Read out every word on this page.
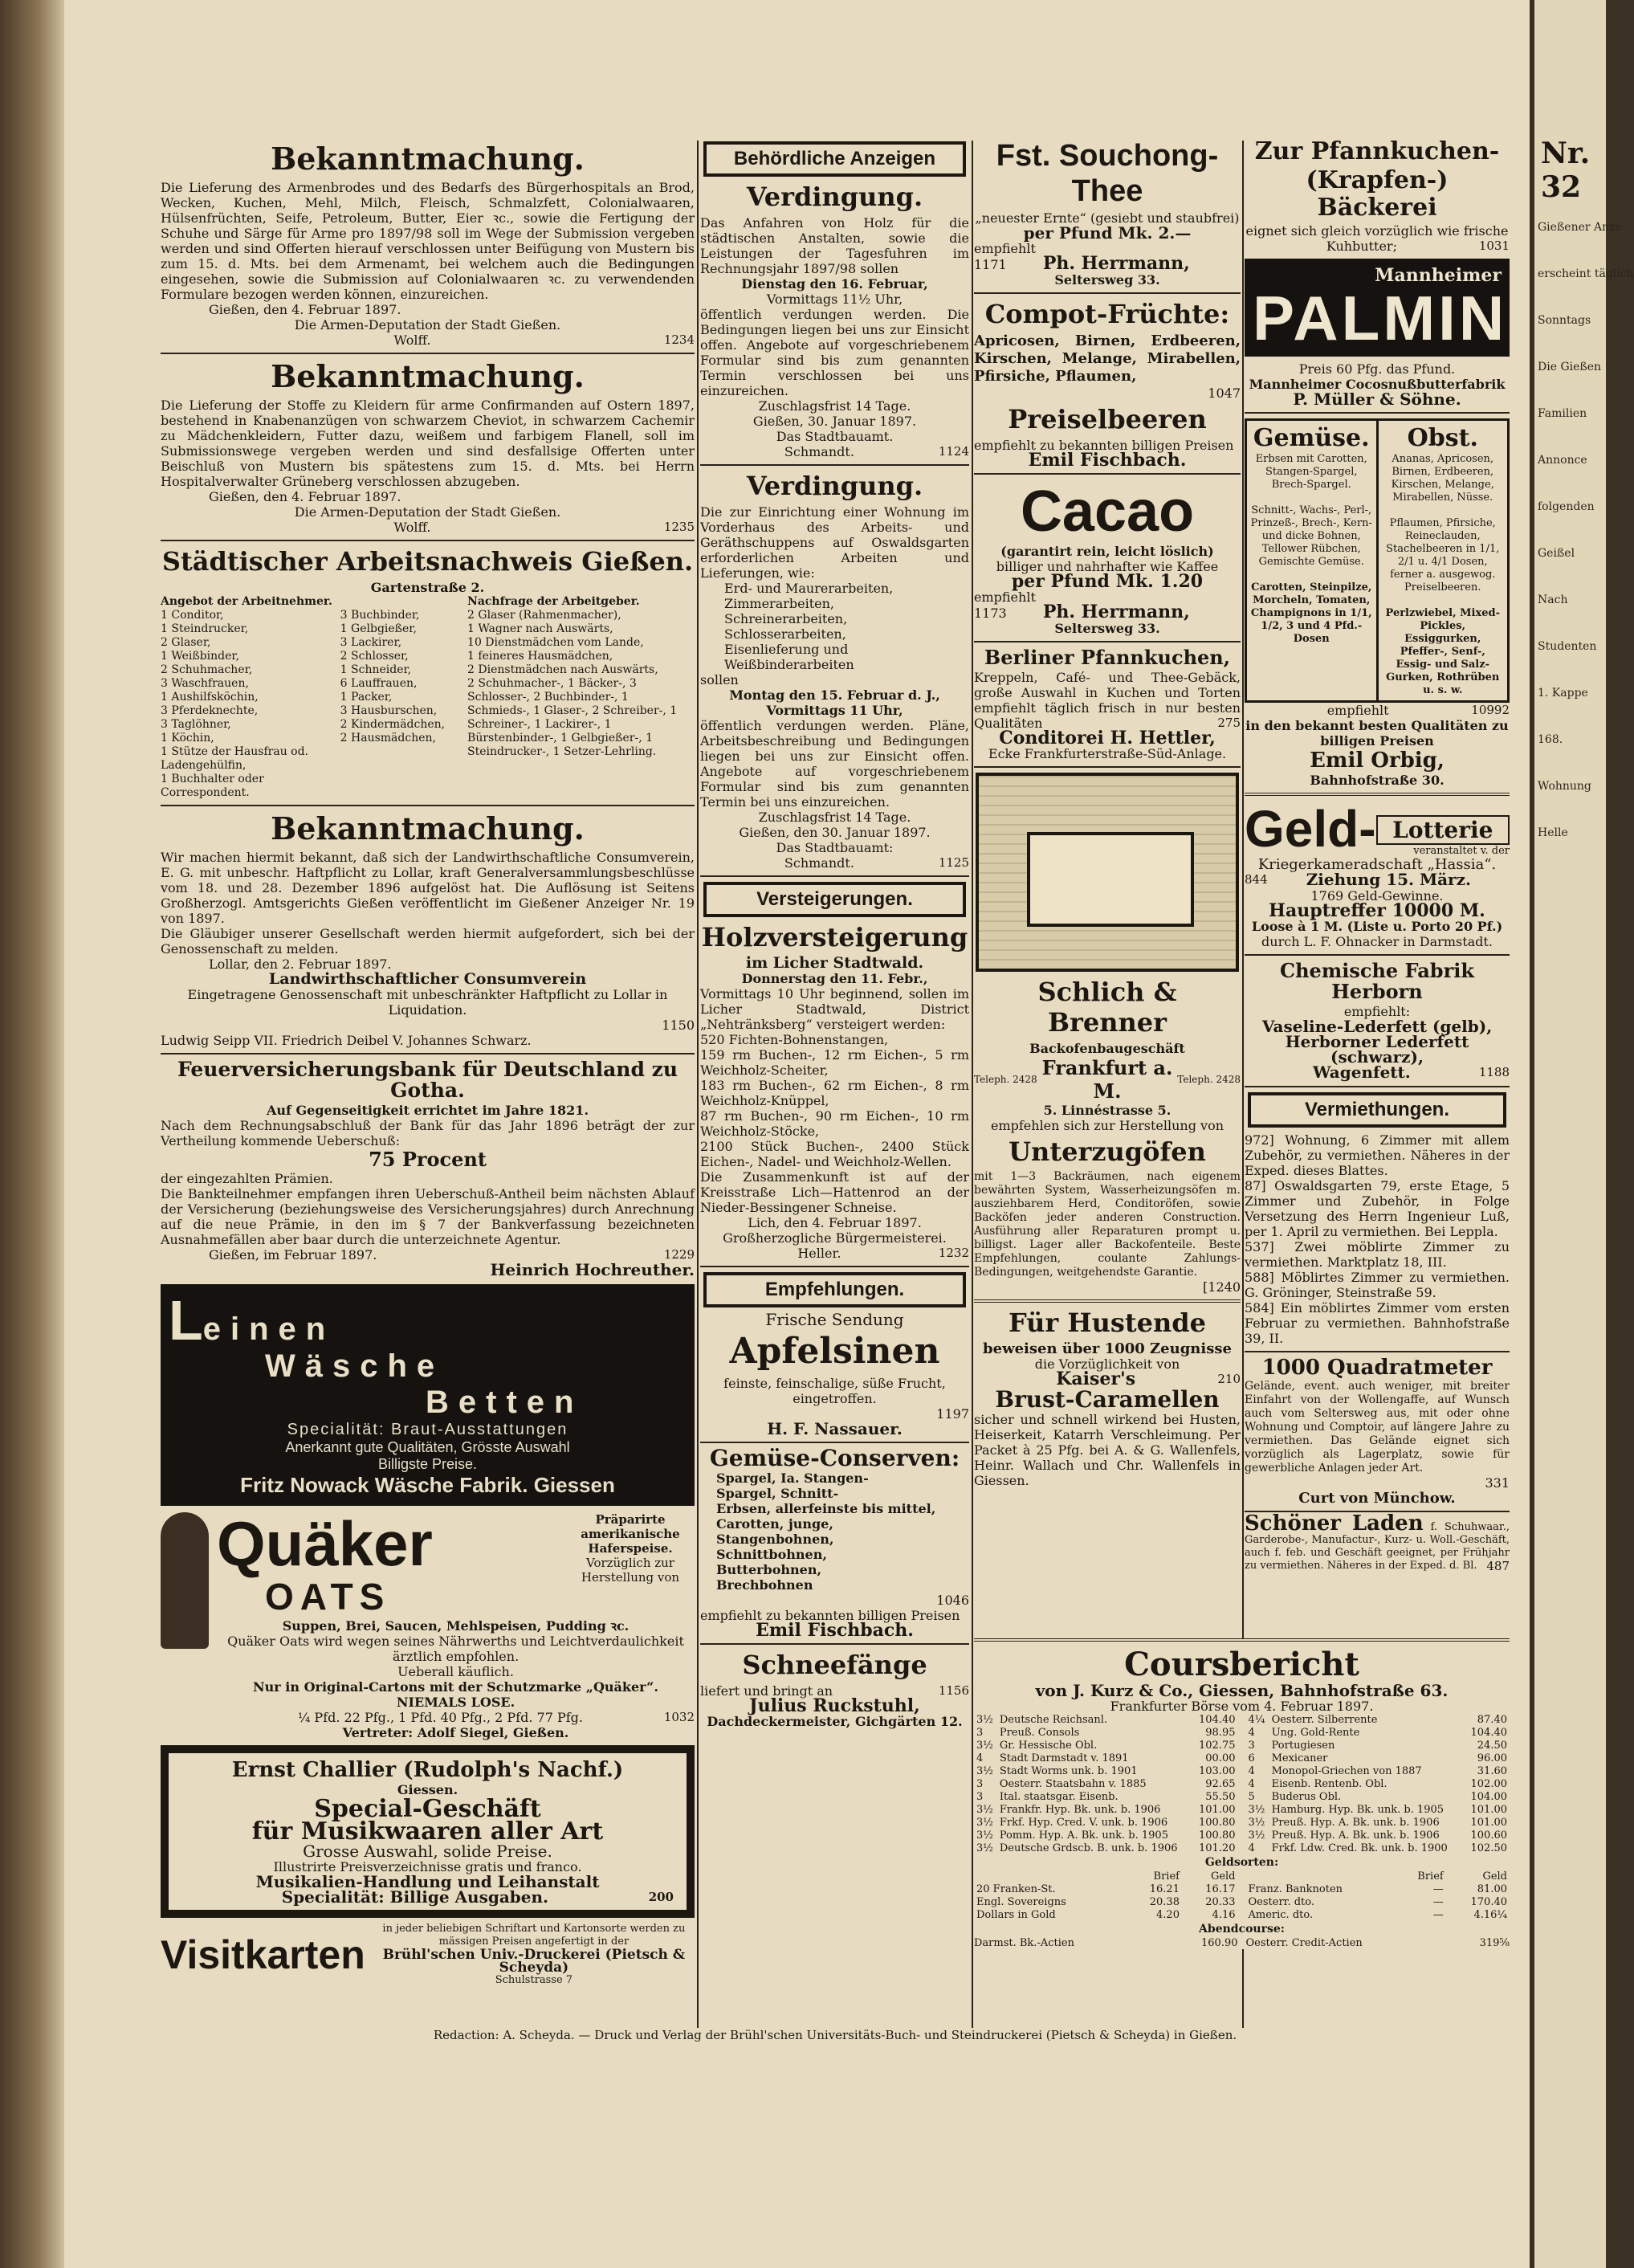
Nr. 32
Gießener Anze
erscheint täglich
Sonntags
Die Gießen
Familien
Annonce
folgenden
Geißel
Nach
Studenten
1. Kappe
168.
Wohnung
Helle
Bekanntmachung.

Die Lieferung des Armenbrodes und des Bedarfs des Bürgerhospitals an Brod, Wecken, Kuchen, Mehl, Milch, Fleisch, Schmalzfett, Colonialwaaren, Hülsenfrüchten, Seife, Petroleum, Butter, Eier ꝛc., sowie die Fertigung der Schuhe und Särge für Arme pro 1897/98 soll im Wege der Submission vergeben werden und sind Offerten hierauf verschlossen unter Beifügung von Mustern bis zum 15. d. Mts. bei dem Armenamt, bei welchem auch die Bedingungen eingesehen, sowie die Submission auf Colonialwaaren ꝛc. zu verwendenden Formulare bezogen werden können, einzureichen.

Gießen, den 4. Februar 1897.

Die Armen-Deputation der Stadt Gießen.

Wolff.	1234

Bekanntmachung.

Die Lieferung der Stoffe zu Kleidern für arme Confirmanden auf Ostern 1897, bestehend in Knabenanzügen von schwarzem Cheviot, in schwarzem Cachemir zu Mädchenkleidern, Futter dazu, weißem und farbigem Flanell, soll im Submissionswege vergeben werden und sind desfallsige Offerten unter Beischluß von Mustern bis spätestens zum 15. d. Mts. bei Herrn Hospitalverwalter Grüneberg verschlossen abzugeben.

Gießen, den 4. Februar 1897.

Die Armen-Deputation der Stadt Gießen.

Wolff.	1235

Städtischer Arbeitsnachweis Gießen.

Gartenstraße 2.

Angebot der Arbeitnehmer.
1 Conditor,
1 Steindrucker,
2 Glaser,
1 Weißbinder,
2 Schuhmacher,
3 Waschfrauen,
1 Aushilfsköchin,
3 Pferdeknechte,
3 Taglöhner,
1 Köchin,
1 Stütze der Hausfrau od. Ladengehülfin,
1 Buchhalter oder Correspondent.

3 Buchbinder,
1 Gelbgießer,
3 Lackirer,
2 Schlosser,
1 Schneider,
6 Lauffrauen,
1 Packer,
3 Hausburschen,
2 Kindermädchen,
2 Hausmädchen,
Nachfrage der Arbeitgeber.
2 Glaser (Rahmenmacher),
1 Wagner nach Auswärts,
10 Dienstmädchen vom Lande,
1 feineres Hausmädchen,
2 Dienstmädchen nach Auswärts,
2 Schuhmacher-, 1 Bäcker-, 3 Schlosser-, 2 Buchbinder-, 1 Schmieds-, 1 Glaser-, 2 Schreiber-, 1 Schreiner-, 1 Lackirer-, 1 Bürstenbinder-, 1 Gelbgießer-, 1 Steindrucker-, 1 Setzer-Lehrling.
Bekanntmachung.

Wir machen hiermit bekannt, daß sich der Landwirthschaftliche Consumverein, E. G. mit unbeschr. Haftpflicht zu Lollar, kraft Generalversammlungsbeschlüsse vom 18. und 28. Dezember 1896 aufgelöst hat. Die Auflösung ist Seitens Großherzogl. Amtsgerichts Gießen veröffentlicht im Gießener Anzeiger Nr. 19 von 1897.

Die Gläubiger unserer Gesellschaft werden hiermit aufgefordert, sich bei der Genossenschaft zu melden.

Lollar, den 2. Februar 1897.

Landwirthschaftlicher Consumverein

Eingetragene Genossenschaft mit unbeschränkter Haftpflicht zu Lollar in Liquidation.

1150

Ludwig Seipp VII. Friedrich Deibel V. Johannes Schwarz.

Feuerversicherungsbank für Deutschland zu Gotha.

Auf Gegenseitigkeit errichtet im Jahre 1821.

Nach dem Rechnungsabschluß der Bank für das Jahr 1896 beträgt der zur Vertheilung kommende Ueberschuß:

75 Procent

der eingezahlten Prämien.

Die Bankteilnehmer empfangen ihren Ueberschuß-Antheil beim nächsten Ablauf der Versicherung (beziehungsweise des Versicherungsjahres) durch Anrechnung auf die neue Prämie, in den im § 7 der Bankverfassung bezeichneten Ausnahmefällen aber baar durch die unterzeichnete Agentur.

Gießen, im Februar 1897.	1229

Heinrich Hochreuther.

Leinen
Wäsche
Betten
Specialität: Braut-Ausstattungen
Anerkannt gute Qualitäten, Grösste Auswahl
Billigste Preise.
Fritz Nowack Wäsche Fabrik. Giessen
Quäker
OATS
Präparirte amerikanische Haferspeise.
Vorzüglich zur Herstellung von

Suppen, Brei, Saucen, Mehlspeisen, Pudding ꝛc.

Quäker Oats wird wegen seines Nährwerths und Leichtverdaulichkeit ärztlich empfohlen.

Ueberall käuflich.

Nur in Original-Cartons mit der Schutzmarke „Quäker“.

NIEMALS LOSE.

¼ Pfd. 22 Pfg., 1 Pfd. 40 Pfg., 2 Pfd. 77 Pfg.	1032

Vertreter: Adolf Siegel, Gießen.

Ernst Challier (Rudolph's Nachf.)
Giessen.
Special-Geschäft
für Musikwaaren aller Art
Grosse Auswahl, solide Preise.
Illustrirte Preisverzeichnisse gratis und franco.
Musikalien-Handlung und Leihanstalt
Specialität: Billige Ausgaben.	200
Visitkarten
in jeder beliebigen Schriftart und Kartonsorte werden zu mässigen Preisen angefertigt in der
Brühl'schen Univ.-Druckerei (Pietsch & Scheyda)
Schulstrasse 7
Behördliche Anzeigen
Verdingung.

Das Anfahren von Holz für die städtischen Anstalten, sowie die Leistungen der Tagesfuhren im Rechnungsjahr 1897/98 sollen

Dienstag den 16. Februar,

Vormittags 11½ Uhr,

öffentlich verdungen werden. Die Bedingungen liegen bei uns zur Einsicht offen. Angebote auf vorgeschriebenem Formular sind bis zum genannten Termin verschlossen bei uns einzureichen.

Zuschlagsfrist 14 Tage.

Gießen, 30. Januar 1897.

Das Stadtbauamt.

Schmandt.	1124

Verdingung.

Die zur Einrichtung einer Wohnung im Vorderhaus des Arbeits- und Geräthschuppens auf Oswaldsgarten erforderlichen Arbeiten und Lieferungen, wie:

Erd- und Maurerarbeiten,
Zimmerarbeiten,
Schreinerarbeiten,
Schlosserarbeiten,
Eisenlieferung und
Weißbinderarbeiten

sollen

Montag den 15. Februar d. J., Vormittags 11 Uhr,

öffentlich verdungen werden. Pläne, Arbeitsbeschreibung und Bedingungen liegen bei uns zur Einsicht offen. Angebote auf vorgeschriebenem Formular sind bis zum genannten Termin bei uns einzureichen.

Zuschlagsfrist 14 Tage.

Gießen, den 30. Januar 1897.

Das Stadtbauamt:

Schmandt.	1125

Versteigerungen.
Holzversteigerung

im Licher Stadtwald.

Donnerstag den 11. Febr.,

Vormittags 10 Uhr beginnend, sollen im Licher Stadtwald, District „Nehtränksberg“ versteigert werden:

520 Fichten-Bohnenstangen,
159 rm Buchen-, 12 rm Eichen-, 5 rm Weichholz-Scheiter,
183 rm Buchen-, 62 rm Eichen-, 8 rm Weichholz-Knüppel,
87 rm Buchen-, 90 rm Eichen-, 10 rm Weichholz-Stöcke,
2100 Stück Buchen-, 2400 Stück Eichen-, Nadel- und Weichholz-Wellen.

Die Zusammenkunft ist auf der Kreisstraße Lich—Hattenrod an der Nieder-Bessingener Schneise.

Lich, den 4. Februar 1897.

Großherzogliche Bürgermeisterei.

Heller.	1232

Empfehlungen.

Frische Sendung

Apfelsinen

feinste, feinschalige, süße Frucht, eingetroffen.

1197

H. F. Nassauer.

Gemüse-Conserven:
Spargel, Ia. Stangen-
Spargel, Schnitt-
Erbsen, allerfeinste bis mittel,
Carotten, junge,
Stangenbohnen,
Schnittbohnen,
Butterbohnen,
Brechbohnen

1046

empfiehlt zu bekannten billigen Preisen

Emil Fischbach.

Schneefänge

liefert und bringt an	1156

Julius Ruckstuhl,

Dachdeckermeister, Gichgärten 12.

Fst. Souchong-Thee

„neuester Ernte“ (gesiebt und staubfrei)

per Pfund Mk. 2.—

empfiehlt

1171 Ph. Herrmann,

Seltersweg 33.

Compot-Früchte:

Apricosen, Birnen, Erdbeeren, Kirschen, Melange, Mirabellen, Pfirsiche, Pflaumen,

1047

Preiselbeeren

empfiehlt zu bekannten billigen Preisen

Emil Fischbach.

Cacao

(garantirt rein, leicht löslich)

billiger und nahrhafter wie Kaffee

per Pfund Mk. 1.20

empfiehlt

1173 Ph. Herrmann,

Seltersweg 33.

Berliner Pfannkuchen,

Kreppeln, Café- und Thee-Gebäck, große Auswahl in Kuchen und Torten empfiehlt täglich frisch in nur besten Qualitäten	275

Conditorei H. Hettler,

Ecke Frankfurterstraße-Süd-Anlage.

Schlich & Brenner

Backofenbaugeschäft

Teleph. 2428 Frankfurt a. M.	Teleph. 2428

5. Linnéstrasse 5.

empfehlen sich zur Herstellung von

Unterzugöfen

mit 1—3 Backräumen, nach eigenem bewährten System, Wasserheizungsöfen m. ausziehbarem Herd, Conditoröfen, sowie Backöfen jeder anderen Construction. Ausführung aller Reparaturen prompt u. billigst. Lager aller Backofenteile. Beste Empfehlungen, coulante Zahlungs-Bedingungen, weitgehendste Garantie.

[1240

Für Hustende

beweisen über 1000 Zeugnisse

die Vorzüglichkeit von

Kaiser's	210

Brust-Caramellen

sicher und schnell wirkend bei Husten, Heiserkeit, Katarrh Verschleimung. Per Packet à 25 Pfg. bei A. & G. Wallenfels, Heinr. Wallach und Chr. Wallenfels in Giessen.

Zur Pfannkuchen-
(Krapfen-) Bäckerei

eignet sich gleich vorzüglich wie frische Kuhbutter;	1031

Mannheimer
PALMIN

Preis 60 Pfg. das Pfund.

Mannheimer Cocosnußbutterfabrik

P. Müller & Söhne.

Gemüse.
Erbsen mit Carotten, Stangen-Spargel, Brech-Spargel.

Schnitt-, Wachs-, Perl-, Prinzeß-, Brech-, Kern- und dicke Bohnen, Tellower Rübchen, Gemischte Gemüse.

Carotten, Steinpilze, Morcheln, Tomaten, Champignons in 1/1, 1/2, 3 und 4 Pfd.-Dosen
Obst.
Ananas, Apricosen, Birnen, Erdbeeren, Kirschen, Melange, Mirabellen, Nüsse.

Pflaumen, Pfirsiche, Reineclauden, Stachelbeeren in 1/1, 2/1 u. 4/1 Dosen, ferner a. ausgewog. Preiselbeeren.

Perlzwiebel, Mixed-Pickles, Essiggurken, Pfeffer-, Senf-, Essig- und Salz-Gurken, Rothrüben u. s. w.

empfiehlt	10992

in den bekannt besten Qualitäten zu billigen Preisen

Emil Orbig,

Bahnhofstraße 30.

Geld- Lotterie
veranstaltet v. der

Kriegerkameradschaft „Hassia“.

844 Ziehung 15. März.

1769 Geld-Gewinne.

Hauptreffer 10000 M.

Loose à 1 M. (Liste u. Porto 20 Pf.)

durch L. F. Ohnacker in Darmstadt.

Chemische Fabrik Herborn

empfiehlt:

Vaseline-Lederfett (gelb),

Herborner Lederfett (schwarz),

Wagenfett.	1188

Vermiethungen.
972] Wohnung, 6 Zimmer mit allem Zubehör, zu vermiethen. Näheres in der Exped. dieses Blattes.
87] Oswaldsgarten 79, erste Etage, 5 Zimmer und Zubehör, in Folge Versetzung des Herrn Ingenieur Luß, per 1. April zu vermiethen. Bei Leppla.
537] Zwei möblirte Zimmer zu vermiethen. Marktplatz 18, III.
588] Möblirtes Zimmer zu vermiethen. G. Gröninger, Steinstraße 59.
584] Ein möblirtes Zimmer vom ersten Februar zu vermiethen. Bahnhofstraße 39, II.
1000 Quadratmeter

Gelände, event. auch weniger, mit breiter Einfahrt von der Wollengaffe, auf Wunsch auch vom Seltersweg aus, mit oder ohne Wohnung und Comptoir, auf längere Jahre zu vermiethen. Das Gelände eignet sich vorzüglich als Lagerplatz, sowie für gewerbliche Anlagen jeder Art.

331

Curt von Münchow.

Schöner Laden f. Schuhwaar., Garderobe-, Manufactur-, Kurz- u. Woll.-Geschäft, auch f. feb. und Geschäft geeignet, per Frühjahr zu vermiethen. Näheres in der Exped. d. Bl. 487
Coursbericht

von J. Kurz & Co., Giessen, Bahnhofstraße 63.

Frankfurter Börse vom 4. Februar 1897.

3½	Deutsche Reichsanl.	104.40
3	Preuß. Consols	98.95
3½	Gr. Hessische Obl.	102.75
4	Stadt Darmstadt v. 1891	00.00
3½	Stadt Worms unk. b. 1901	103.00
3	Oesterr. Staatsbahn v. 1885	92.65
3	Ital. staatsgar. Eisenb.	55.50
3½	Frankfr. Hyp. Bk. unk. b. 1906	101.00
3½	Frkf. Hyp. Cred. V. unk. b. 1906	100.80
3½	Pomm. Hyp. A. Bk. unk. b. 1905	100.80
3½	Deutsche Grdscb. B. unk. b. 1906	101.20
4¼	Oesterr. Silberrente	87.40
4	Ung. Gold-Rente	104.40
3	Portugiesen	24.50
6	Mexicaner	96.00
4	Monopol-Griechen von 1887	31.60
4	Eisenb. Rentenb. Obl.	102.00
5	Buderus Obl.	104.00
3½	Hamburg. Hyp. Bk. unk. b. 1905	101.00
3½	Preuß. Hyp. A. Bk. unk. b. 1906	101.00
3½	Preuß. Hyp. A. Bk. unk. b. 1906	100.60
4	Frkf. Ldw. Cred. Bk. unk. b. 1900	102.50

Geldsorten:

	Brief	Geld
20 Franken-St.	16.21	16.17
Engl. Sovereigns	20.38	20.33
Dollars in Gold	4.20	4.16
	Brief	Geld
Franz. Banknoten	—	81.00
Oesterr. dto.	—	170.40
Americ. dto.	—	4.16¼

Abendcourse:

Darmst. Bk.-Actien	160.90 Oesterr. Credit-Actien	319⅝
Redaction: A. Scheyda. — Druck und Verlag der Brühl'schen Universitäts-Buch- und Steindruckerei (Pietsch & Scheyda) in Gießen.
